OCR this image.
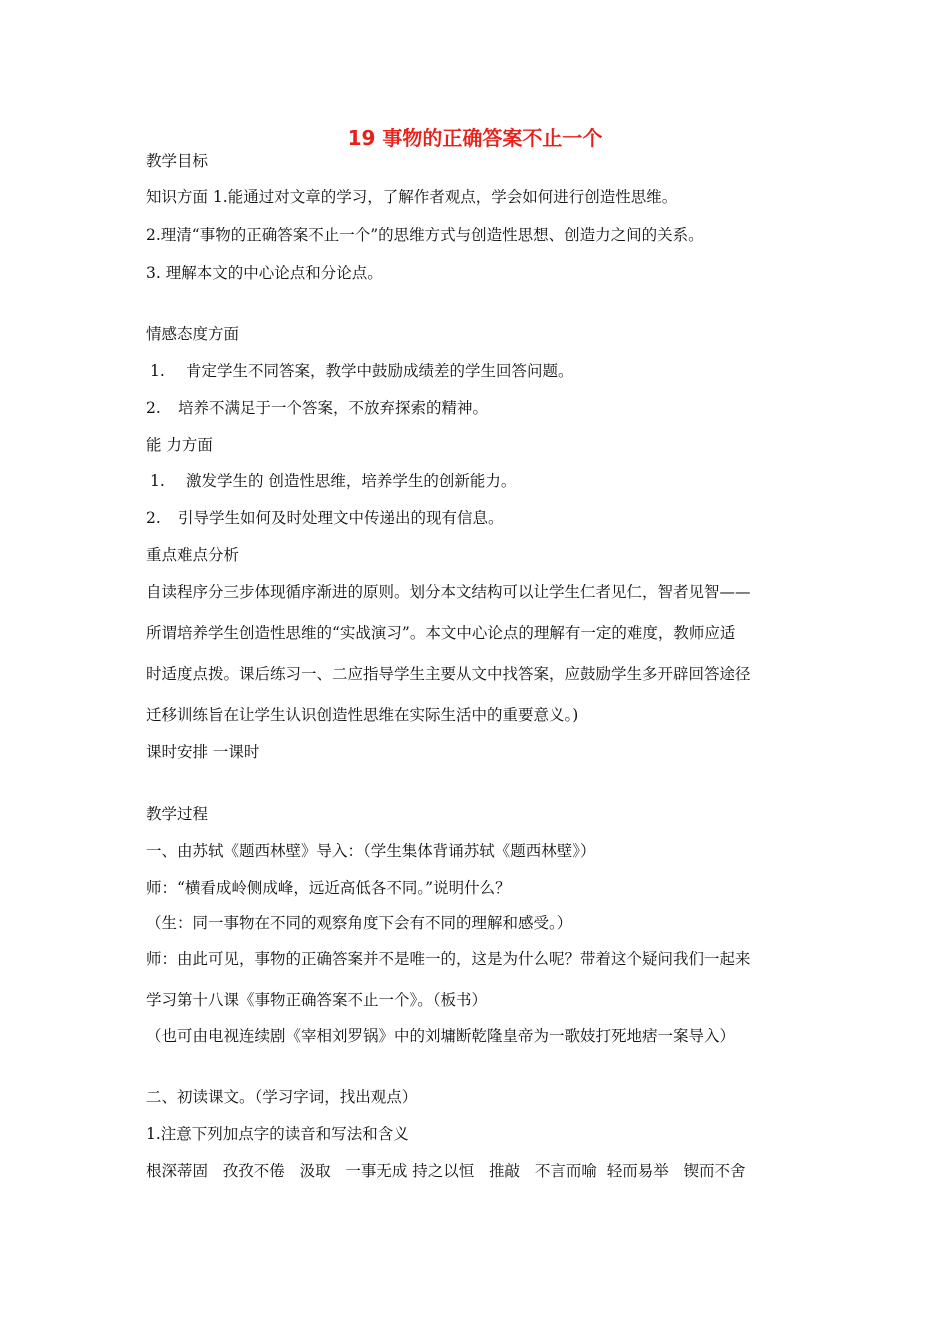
19 事物的正确答案不止一个
教学目标
知识方面 1.能通过对文章的学习，了解作者观点，学会如何进行创造性思维。
2.理清“事物的正确答案不止一个”的思维方式与创造性思想、创造力之间的关系。
3. 理解本文的中心论点和分论点。
情感态度方面
1. 肯定学生不同答案，教学中鼓励成绩差的学生回答问题。
2. 培养不满足于一个答案，不放弃探索的精神。
能 力方面
1. 激发学生的 创造性思维，培养学生的创新能力。
2. 引导学生如何及时处理文中传递出的现有信息。
重点难点分析
自读程序分三步体现循序渐进的原则。划分本文结构可以让学生仁者见仁，智者见智——
所谓培养学生创造性思维的“实战演习”。本文中心论点的理解有一定的难度，教师应适
时适度点拨。课后练习一、二应指导学生主要从文中找答案，应鼓励学生多开辟回答途径
迁移训练旨在让学生认识创造性思维在实际生活中的重要意义。)
课时安排 一课时
教学过程
一、由苏轼《题西林壁》导入：（学生集体背诵苏轼《题西林壁》）
师：“横看成岭侧成峰，远近高低各不同。”说明什么？
（生：同一事物在不同的观察角度下会有不同的理解和感受。）
师：由此可见，事物的正确答案并不是唯一的，这是为什么呢？带着这个疑问我们一起来
学习第十八课《事物正确答案不止一个》。（板书）
（也可由电视连续剧《宰相刘罗锅》中的刘墉断乾隆皇帝为一歌妓打死地痞一案导入）
二、初读课文。（学习字词，找出观点）
1.注意下列加点字的读音和写法和含义
根深蒂固   孜孜不倦   汲取   一事无成 持之以恒   推敲   不言而喻  轻而易举   锲而不舍
